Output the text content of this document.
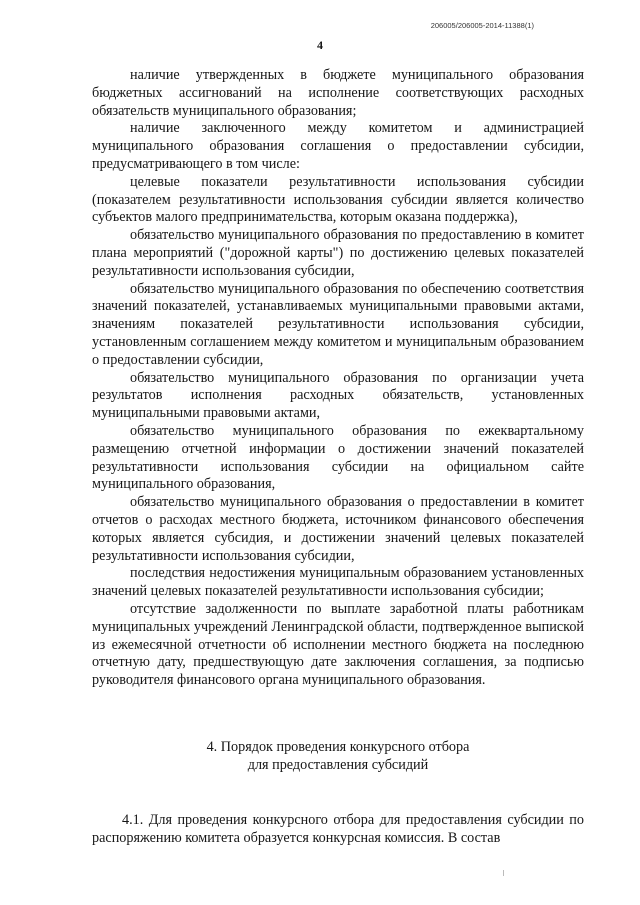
206005/206005-2014-11388(1)
4

наличие утвержденных в бюджете муниципального образования бюджетных ассигнований на исполнение соответствующих расходных обязательств муниципального образования;

наличие заключенного между комитетом и администрацией муниципального образования соглашения о предоставлении субсидии, предусматривающего в том числе:

целевые показатели результативности использования субсидии (показателем результативности использования субсидии является количество субъектов малого предпринимательства, которым оказана поддержка),

обязательство муниципального образования по предоставлению в комитет плана мероприятий ("дорожной карты") по достижению целевых показателей результативности использования субсидии,

обязательство муниципального образования по обеспечению соответствия значений показателей, устанавливаемых муниципальными правовыми актами, значениям показателей результативности использования субсидии, установленным соглашением между комитетом и муниципальным образованием о предоставлении субсидии,

обязательство муниципального образования по организации учета результатов исполнения расходных обязательств, установленных муниципальными правовыми актами,

обязательство муниципального образования по ежеквартальному размещению отчетной информации о достижении значений показателей результативности использования субсидии на официальном сайте муниципального образования,

обязательство муниципального образования о предоставлении в комитет отчетов о расходах местного бюджета, источником финансового обеспечения которых является субсидия, и достижении значений целевых показателей результативности использования субсидии,

последствия недостижения муниципальным образованием установленных значений целевых показателей результативности использования субсидии;

отсутствие задолженности по выплате заработной платы работникам муниципальных учреждений Ленинградской области, подтвержденное выпиской из ежемесячной отчетности об исполнении местного бюджета на последнюю отчетную дату, предшествующую дате заключения соглашения, за подписью руководителя финансового органа муниципального образования.

4. Порядок проведения конкурсного отбора
для предоставления субсидий

4.1. Для проведения конкурсного отбора для предоставления субсидии по распоряжению комитета образуется конкурсная комиссия. В состав
